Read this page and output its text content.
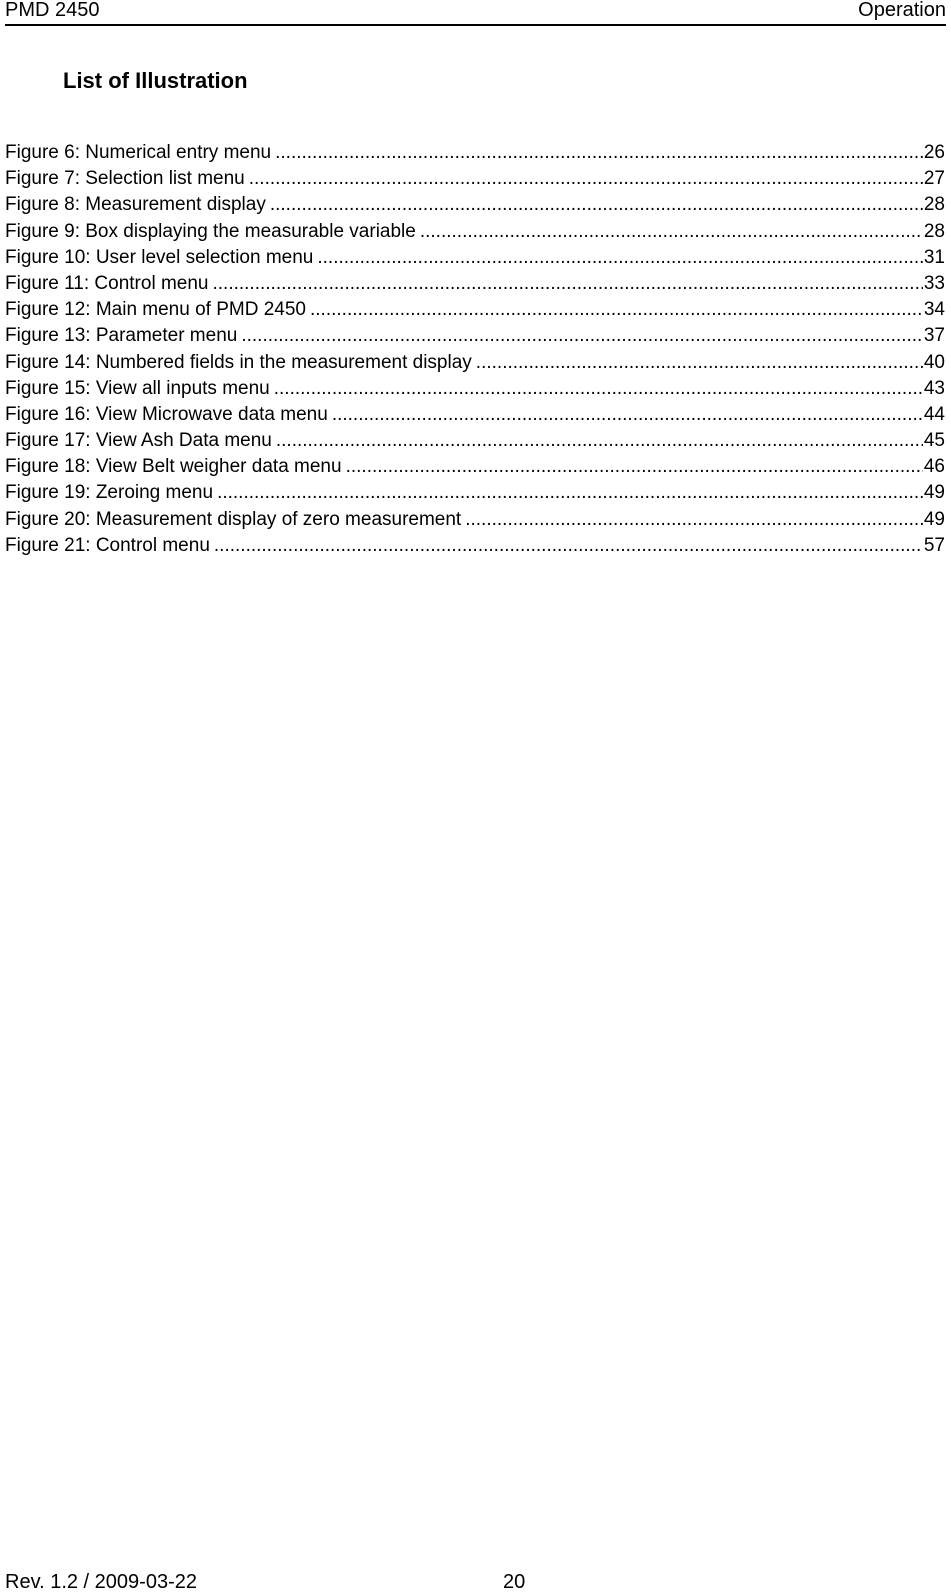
PMD 2450	Operation
List of Illustration
Figure 6: Numerical entry menu .....	26
Figure 7: Selection list menu .....	27
Figure 8: Measurement display .....	28
Figure 9: Box displaying the measurable variable .....	28
Figure 10: User level selection menu .....	31
Figure 11: Control menu .....	33
Figure 12: Main menu of PMD 2450 .....	34
Figure 13: Parameter menu .....	37
Figure 14: Numbered fields in the measurement display .....	40
Figure 15: View all inputs menu .....	43
Figure 16: View Microwave data menu .....	44
Figure 17: View Ash Data menu .....	45
Figure 18: View Belt weigher data menu .....	46
Figure 19: Zeroing menu .....	49
Figure 20: Measurement display of zero measurement .....	49
Figure 21: Control menu .....	57
Rev. 1.2 / 2009-03-22	20
